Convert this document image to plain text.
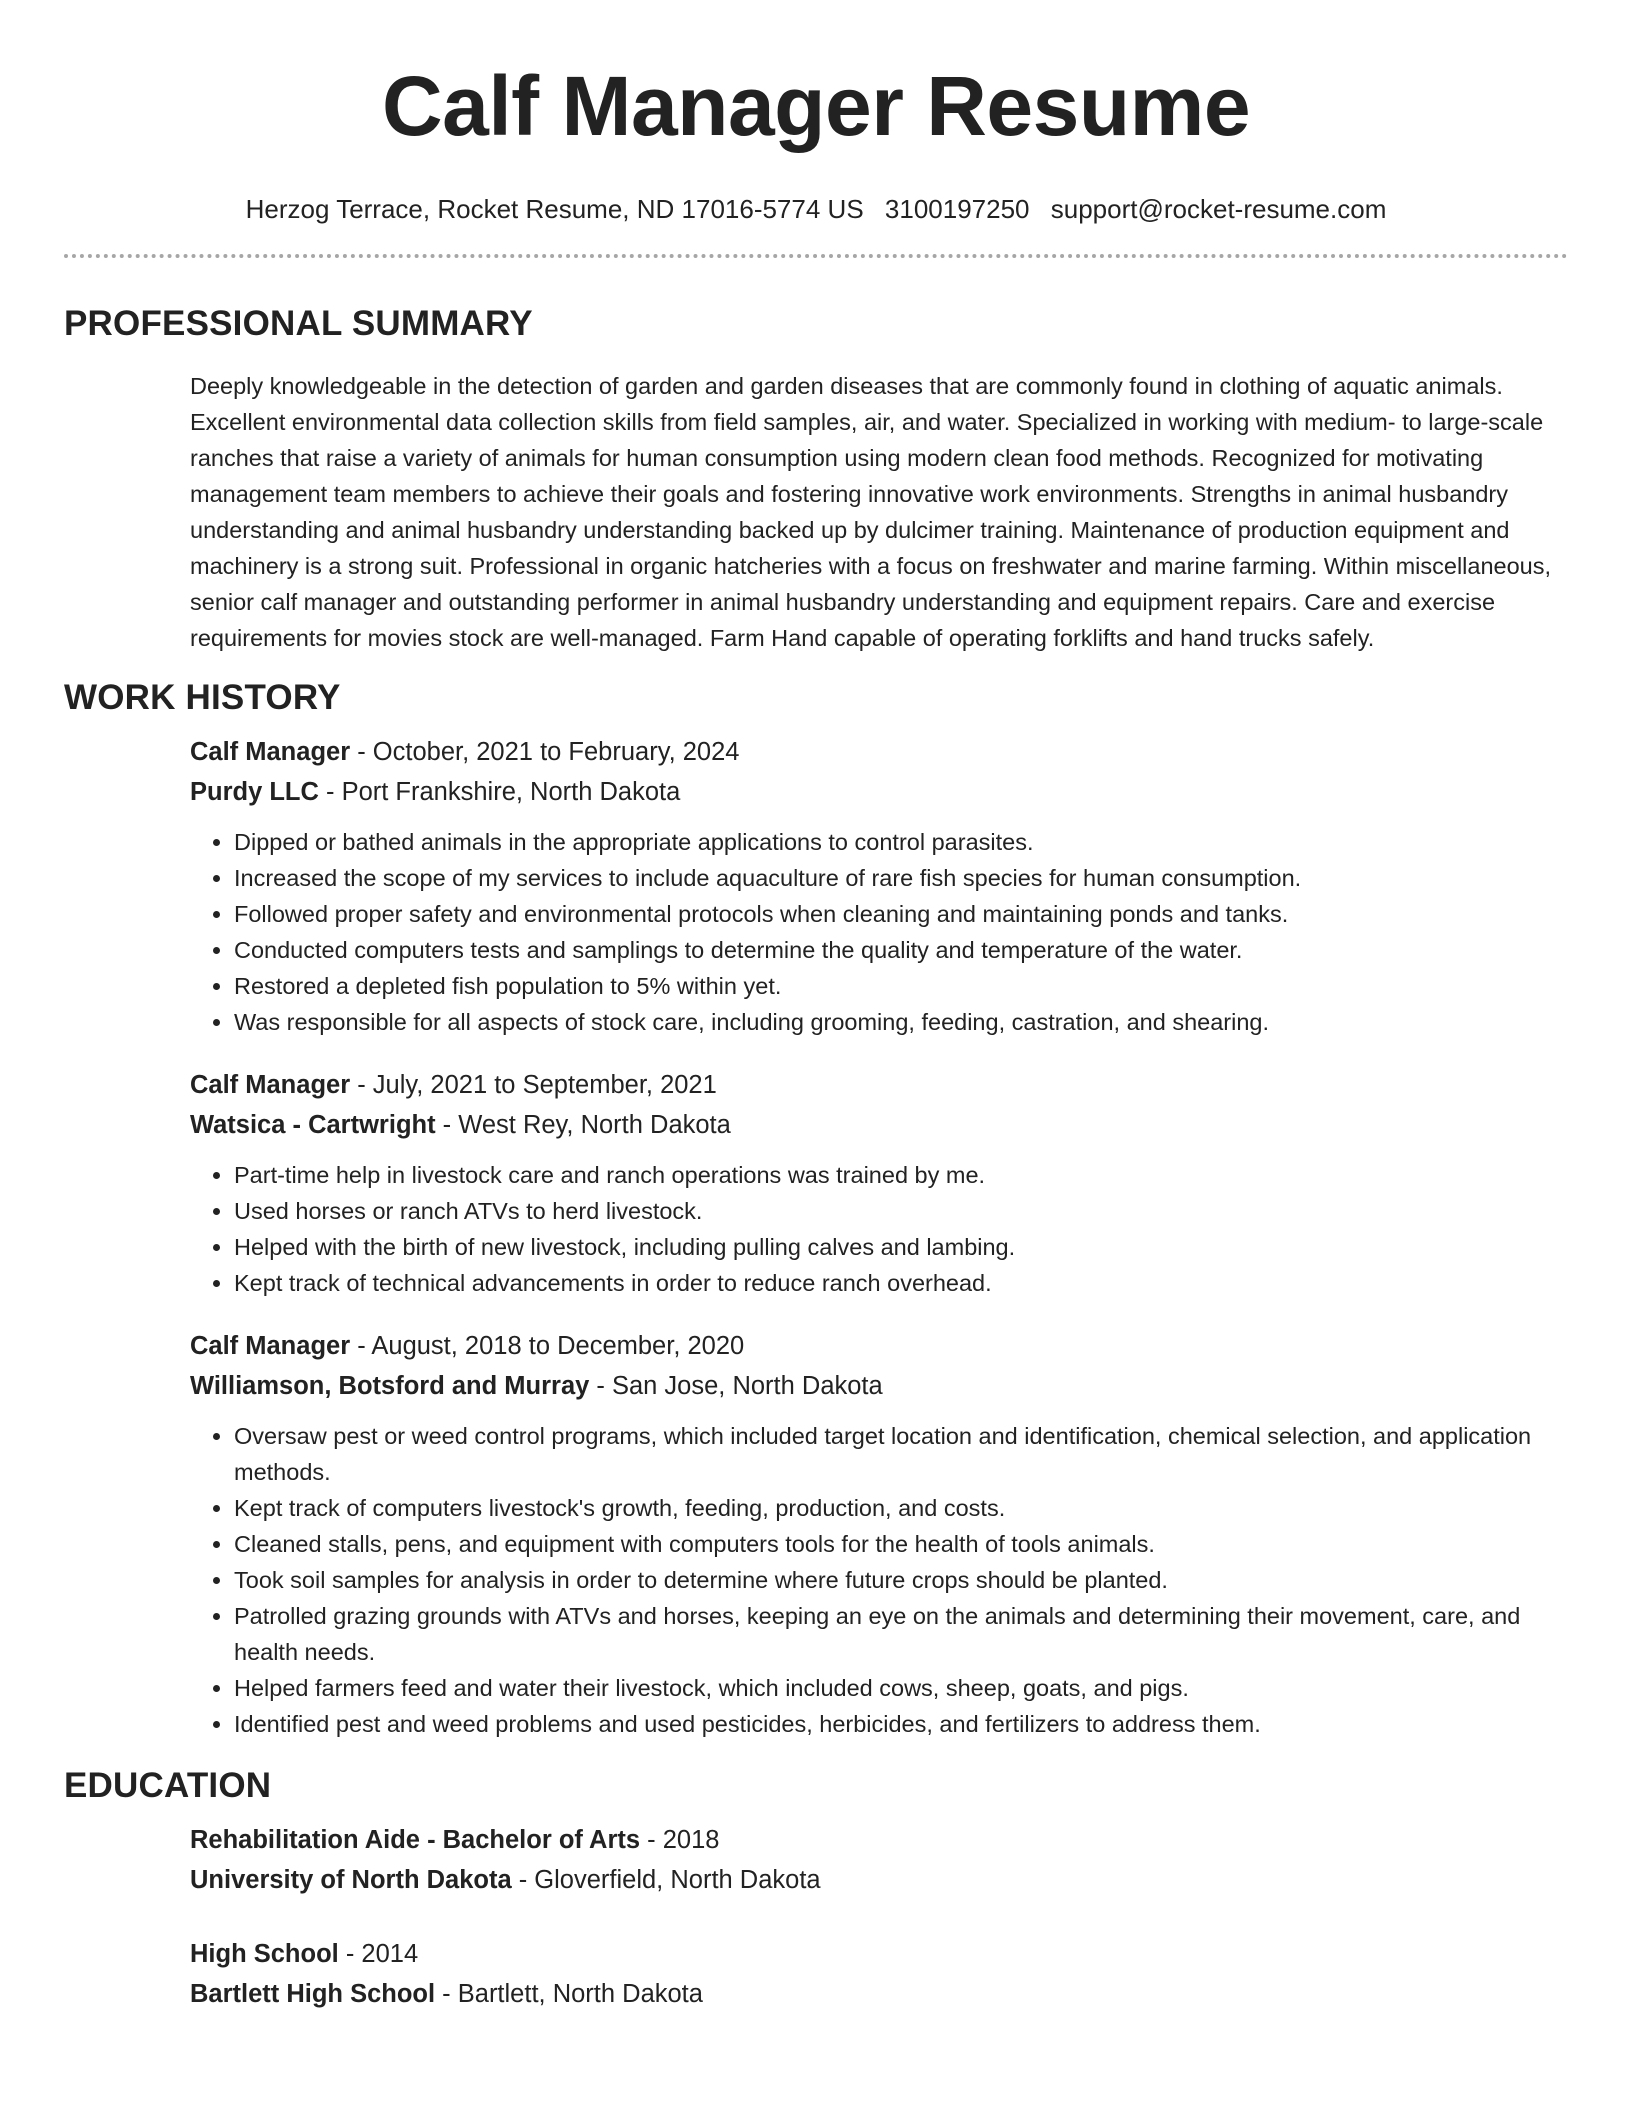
Calf Manager Resume
Herzog Terrace, Rocket Resume, ND 17016-5774 US 3100197250 support@rocket-resume.com
PROFESSIONAL SUMMARY

Deeply knowledgeable in the detection of garden and garden diseases that are commonly found in clothing of aquatic animals. Excellent environmental data collection skills from field samples, air, and water. Specialized in working with medium- to large-scale ranches that raise a variety of animals for human consumption using modern clean food methods. Recognized for motivating management team members to achieve their goals and fostering innovative work environments. Strengths in animal husbandry understanding and animal husbandry understanding backed up by dulcimer training. Maintenance of production equipment and machinery is a strong suit. Professional in organic hatcheries with a focus on freshwater and marine farming. Within miscellaneous, senior calf manager and outstanding performer in animal husbandry understanding and equipment repairs. Care and exercise requirements for movies stock are well-managed. Farm Hand capable of operating forklifts and hand trucks safely.

WORK HISTORY
Calf Manager - October, 2021 to February, 2024
Purdy LLC - Port Frankshire, North Dakota
• Dipped or bathed animals in the appropriate applications to control parasites.
• Increased the scope of my services to include aquaculture of rare fish species for human consumption.
• Followed proper safety and environmental protocols when cleaning and maintaining ponds and tanks.
• Conducted computers tests and samplings to determine the quality and temperature of the water.
• Restored a depleted fish population to 5% within yet.
• Was responsible for all aspects of stock care, including grooming, feeding, castration, and shearing.
Calf Manager - July, 2021 to September, 2021
Watsica - Cartwright - West Rey, North Dakota
• Part-time help in livestock care and ranch operations was trained by me.
• Used horses or ranch ATVs to herd livestock.
• Helped with the birth of new livestock, including pulling calves and lambing.
• Kept track of technical advancements in order to reduce ranch overhead.
Calf Manager - August, 2018 to December, 2020
Williamson, Botsford and Murray - San Jose, North Dakota
• Oversaw pest or weed control programs, which included target location and identification, chemical selection, and application methods.
• Kept track of computers livestock's growth, feeding, production, and costs.
• Cleaned stalls, pens, and equipment with computers tools for the health of tools animals.
• Took soil samples for analysis in order to determine where future crops should be planted.
• Patrolled grazing grounds with ATVs and horses, keeping an eye on the animals and determining their movement, care, and health needs.
• Helped farmers feed and water their livestock, which included cows, sheep, goats, and pigs.
• Identified pest and weed problems and used pesticides, herbicides, and fertilizers to address them.
EDUCATION
Rehabilitation Aide - Bachelor of Arts - 2018
University of North Dakota - Gloverfield, North Dakota
High School - 2014
Bartlett High School - Bartlett, North Dakota
